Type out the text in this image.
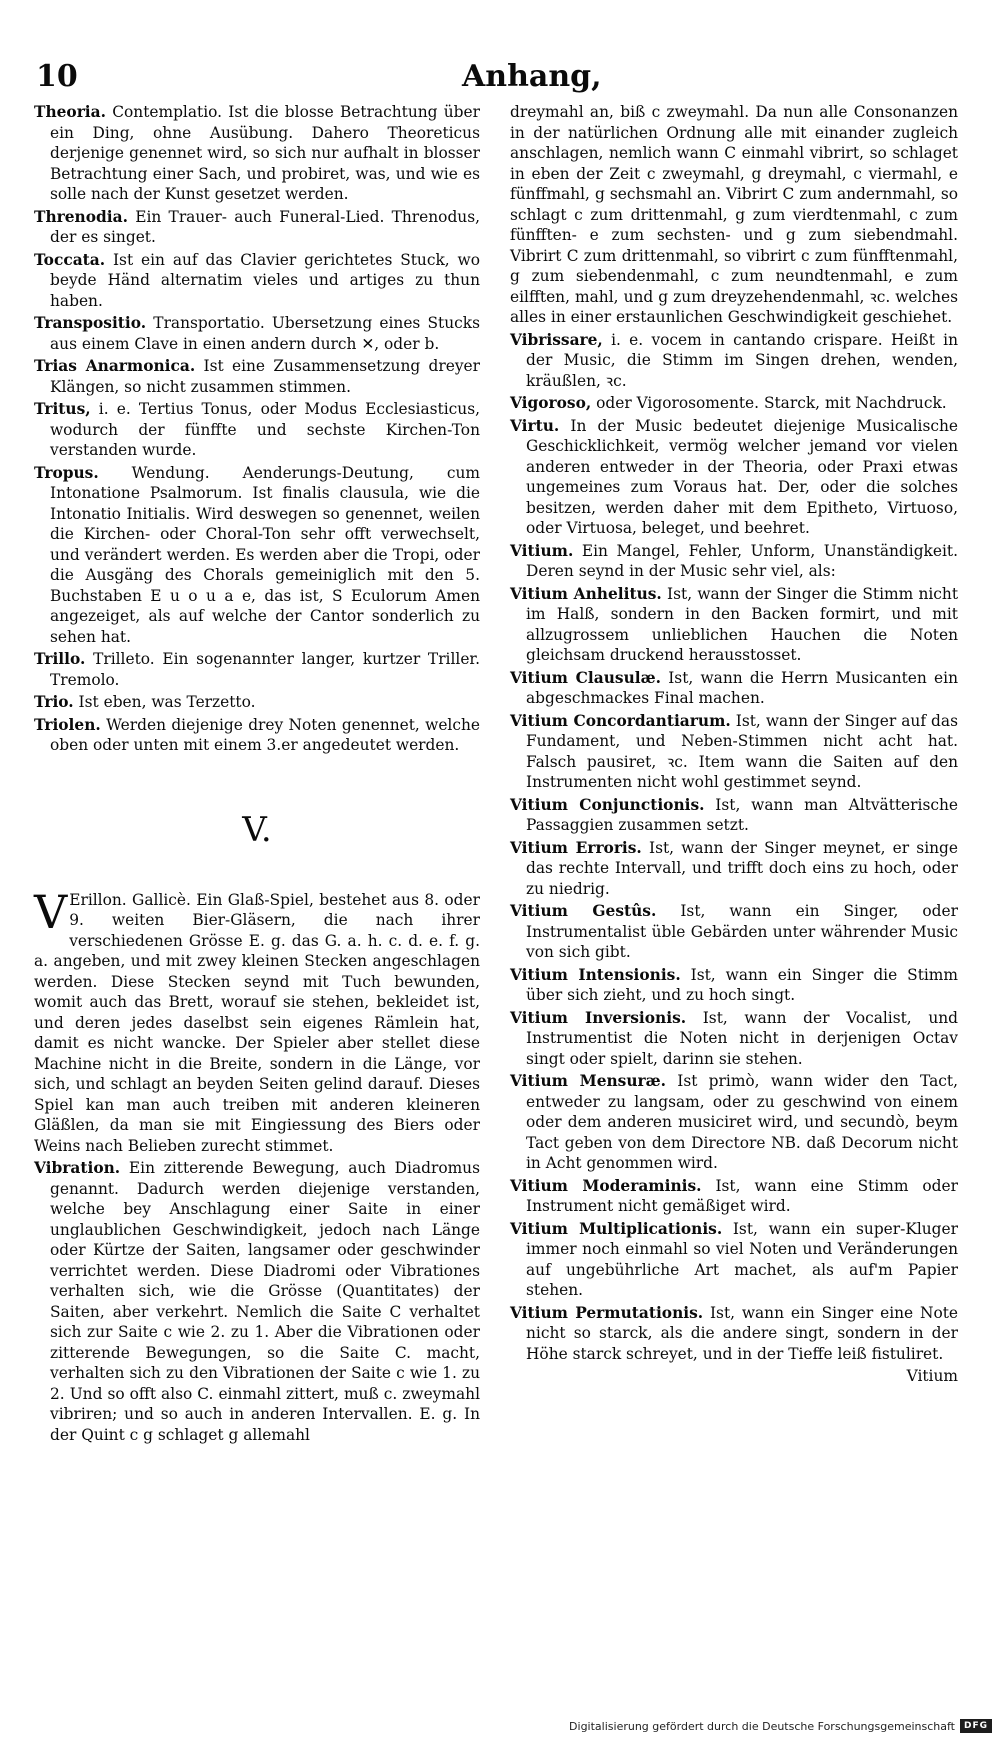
10	Anhang,
Theoria. Contemplatio. Ist die blosse Betrachtung über ein Ding, ohne Ausübung. Dahero Theoreticus derjenige genennet wird, so sich nur aufhalt in blosser Betrachtung einer Sach, und probiret, was, und wie es solle nach der Kunst gesetzet werden.
Threnodia. Ein Trauer- auch Funeral-Lied. Threnodus, der es singet.
Toccata. Ist ein auf das Clavier gerichtetes Stuck, wo beyde Händ alternatim vieles und artiges zu thun haben.
Transpositio. Transportatio. Ubersetzung eines Stucks aus einem Clave in einen andern durch ✕, oder b.
Trias Anarmonica. Ist eine Zusammensetzung dreyer Klängen, so nicht zusammen stimmen.
Tritus, i. e. Tertius Tonus, oder Modus Ecclesiasticus, wodurch der fünffte und sechste Kirchen-Ton verstanden wurde.
Tropus. Wendung. Aenderungs-Deutung, cum Intonatione Psalmorum. Ist finalis clausula, wie die Intonatio Initialis. Wird deswegen so genennet, weilen die Kirchen- oder Choral-Ton sehr offt verwechselt, und verändert werden. Es werden aber die Tropi, oder die Ausgäng des Chorals gemeiniglich mit den 5. Buchstaben E u o u a e, das ist, S Eculorum Amen angezeiget, als auf welche der Cantor sonderlich zu sehen hat.
Trillo. Trilleto. Ein sogenannter langer, kurtzer Triller. Tremolo.
Trio. Ist eben, was Terzetto.
Triolen. Werden diejenige drey Noten genennet, welche oben oder unten mit einem 3.er angedeutet werden.
V.
V Erillon. Gallicè. Ein Glaß-Spiel, bestehet aus 8. oder 9. weiten Bier-Gläsern, die nach ihrer verschiedenen Grösse E. g. das G. a. h. c. d. e. f. g. a. angeben, und mit zwey kleinen Stecken angeschlagen werden. Diese Stecken seynd mit Tuch bewunden, womit auch das Brett, worauf sie stehen, bekleidet ist, und deren jedes daselbst sein eigenes Rämlein hat, damit es nicht wancke. Der Spieler aber stellet diese Machine nicht in die Breite, sondern in die Länge, vor sich, und schlagt an beyden Seiten gelind darauf. Dieses Spiel kan man auch treiben mit anderen kleineren Gläßlen, da man sie mit Eingiessung des Biers oder Weins nach Belieben zurecht stimmet.
Vibration. Ein zitterende Bewegung, auch Diadromus genannt. Dadurch werden diejenige verstanden, welche bey Anschlagung einer Saite in einer unglaublichen Geschwindigkeit, jedoch nach Länge oder Kürtze der Saiten, langsamer oder geschwinder verrichtet werden. Diese Diadromi oder Vibrationes verhalten sich, wie die Grösse (Quantitates) der Saiten, aber verkehrt. Nemlich die Saite C verhaltet sich zur Saite c wie 2. zu 1. Aber die Vibrationen oder zitterende Bewegungen, so die Saite C. macht, verhalten sich zu den Vibrationen der Saite c wie 1. zu 2. Und so offt also C. einmahl zittert, muß c. zweymahl vibriren; und so auch in anderen Intervallen. E. g. In der Quint c g schlaget g allemahl
dreymahl an, biß c zweymahl. Da nun alle Consonanzen in der natürlichen Ordnung alle mit einander zugleich anschlagen, nemlich wann C einmahl vibrirt, so schlaget in eben der Zeit c zweymahl, g dreymahl, c viermahl, e fünffmahl, g sechsmahl an. Vibrirt C zum andernmahl, so schlagt c zum drittenmahl, g zum vierdtenmahl, c zum fünfften- e zum sechsten- und g zum siebendmahl. Vibrirt C zum drittenmahl, so vibrirt c zum fünfftenmahl, g zum siebendenmahl, c zum neundtenmahl, e zum eilfften, mahl, und g zum dreyzehendenmahl, ꝛc. welches alles in einer erstaunlichen Geschwindigkeit geschiehet.
Vibrissare, i. e. vocem in cantando crispare. Heißt in der Music, die Stimm im Singen drehen, wenden, kräußlen, ꝛc.
Vigoroso, oder Vigorosomente. Starck, mit Nachdruck.
Virtu. In der Music bedeutet diejenige Musicalische Geschicklichkeit, vermög welcher jemand vor vielen anderen entweder in der Theoria, oder Praxi etwas ungemeines zum Voraus hat. Der, oder die solches besitzen, werden daher mit dem Epitheto, Virtuoso, oder Virtuosa, beleget, und beehret.
Vitium. Ein Mangel, Fehler, Unform, Unanständigkeit. Deren seynd in der Music sehr viel, als:
Vitium Anhelitus. Ist, wann der Singer die Stimm nicht im Halß, sondern in den Backen formirt, und mit allzugrossem unlieblichen Hauchen die Noten gleichsam druckend herausstosset.
Vitium Clausulæ. Ist, wann die Herrn Musicanten ein abgeschmackes Final machen.
Vitium Concordantiarum. Ist, wann der Singer auf das Fundament, und Neben-Stimmen nicht acht hat. Falsch pausiret, ꝛc. Item wann die Saiten auf den Instrumenten nicht wohl gestimmet seynd.
Vitium Conjunctionis. Ist, wann man Altvätterische Passaggien zusammen setzt.
Vitium Erroris. Ist, wann der Singer meynet, er singe das rechte Intervall, und trifft doch eins zu hoch, oder zu niedrig.
Vitium Gestûs. Ist, wann ein Singer, oder Instrumentalist üble Gebärden unter währender Music von sich gibt.
Vitium Intensionis. Ist, wann ein Singer die Stimm über sich zieht, und zu hoch singt.
Vitium Inversionis. Ist, wann der Vocalist, und Instrumentist die Noten nicht in derjenigen Octav singt oder spielt, darinn sie stehen.
Vitium Mensuræ. Ist primò, wann wider den Tact, entweder zu langsam, oder zu geschwind von einem oder dem anderen musiciret wird, und secundò, beym Tact geben von dem Directore NB. daß Decorum nicht in Acht genommen wird.
Vitium Moderaminis. Ist, wann eine Stimm oder Instrument nicht gemäßiget wird.
Vitium Multiplicationis. Ist, wann ein super-Kluger immer noch einmahl so viel Noten und Veränderungen auf ungebührliche Art machet, als auf'm Papier stehen.
Vitium Permutationis. Ist, wann ein Singer eine Note nicht so starck, als die andere singt, sondern in der Höhe starck schreyet, und in der Tieffe leiß fistuliret.
Vitium
Digitalisierung gefördert durch die Deutsche Forschungsgemeinschaft	DFG
